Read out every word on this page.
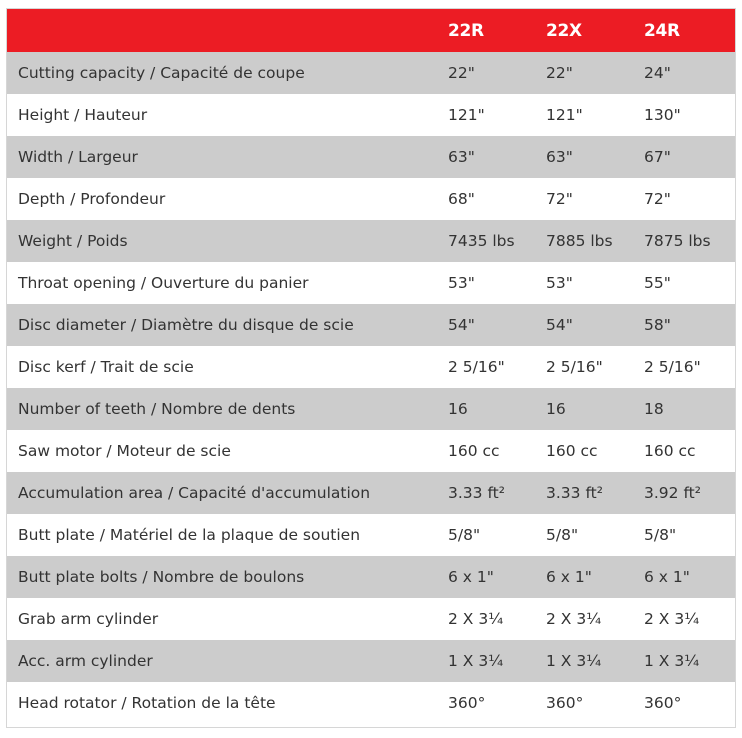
	22R	22X	24R
Cutting capacity / Capacité de coupe	22"	22"	24"
Height / Hauteur	121"	121"	130"
Width / Largeur	63"	63"	67"
Depth / Profondeur	68"	72"	72"
Weight / Poids	7435 lbs	7885 lbs	7875 lbs
Throat opening / Ouverture du panier	53"	53"	55"
Disc diameter / Diamètre du disque de scie	54"	54"	58"
Disc kerf / Trait de scie	2 5/16"	2 5/16"	2 5/16"
Number of teeth / Nombre de dents	16	16	18
Saw motor / Moteur de scie	160 cc	160 cc	160 cc
Accumulation area / Capacité d'accumulation	3.33 ft²	3.33 ft²	3.92 ft²
Butt plate / Matériel de la plaque de soutien	5/8"	5/8"	5/8"
Butt plate bolts / Nombre de boulons	6 x 1"	6 x 1"	6 x 1"
Grab arm cylinder	2 X 3¼	2 X 3¼	2 X 3¼
Acc. arm cylinder	1 X 3¼	1 X 3¼	1 X 3¼
Head rotator / Rotation de la tête	360°	360°	360°
